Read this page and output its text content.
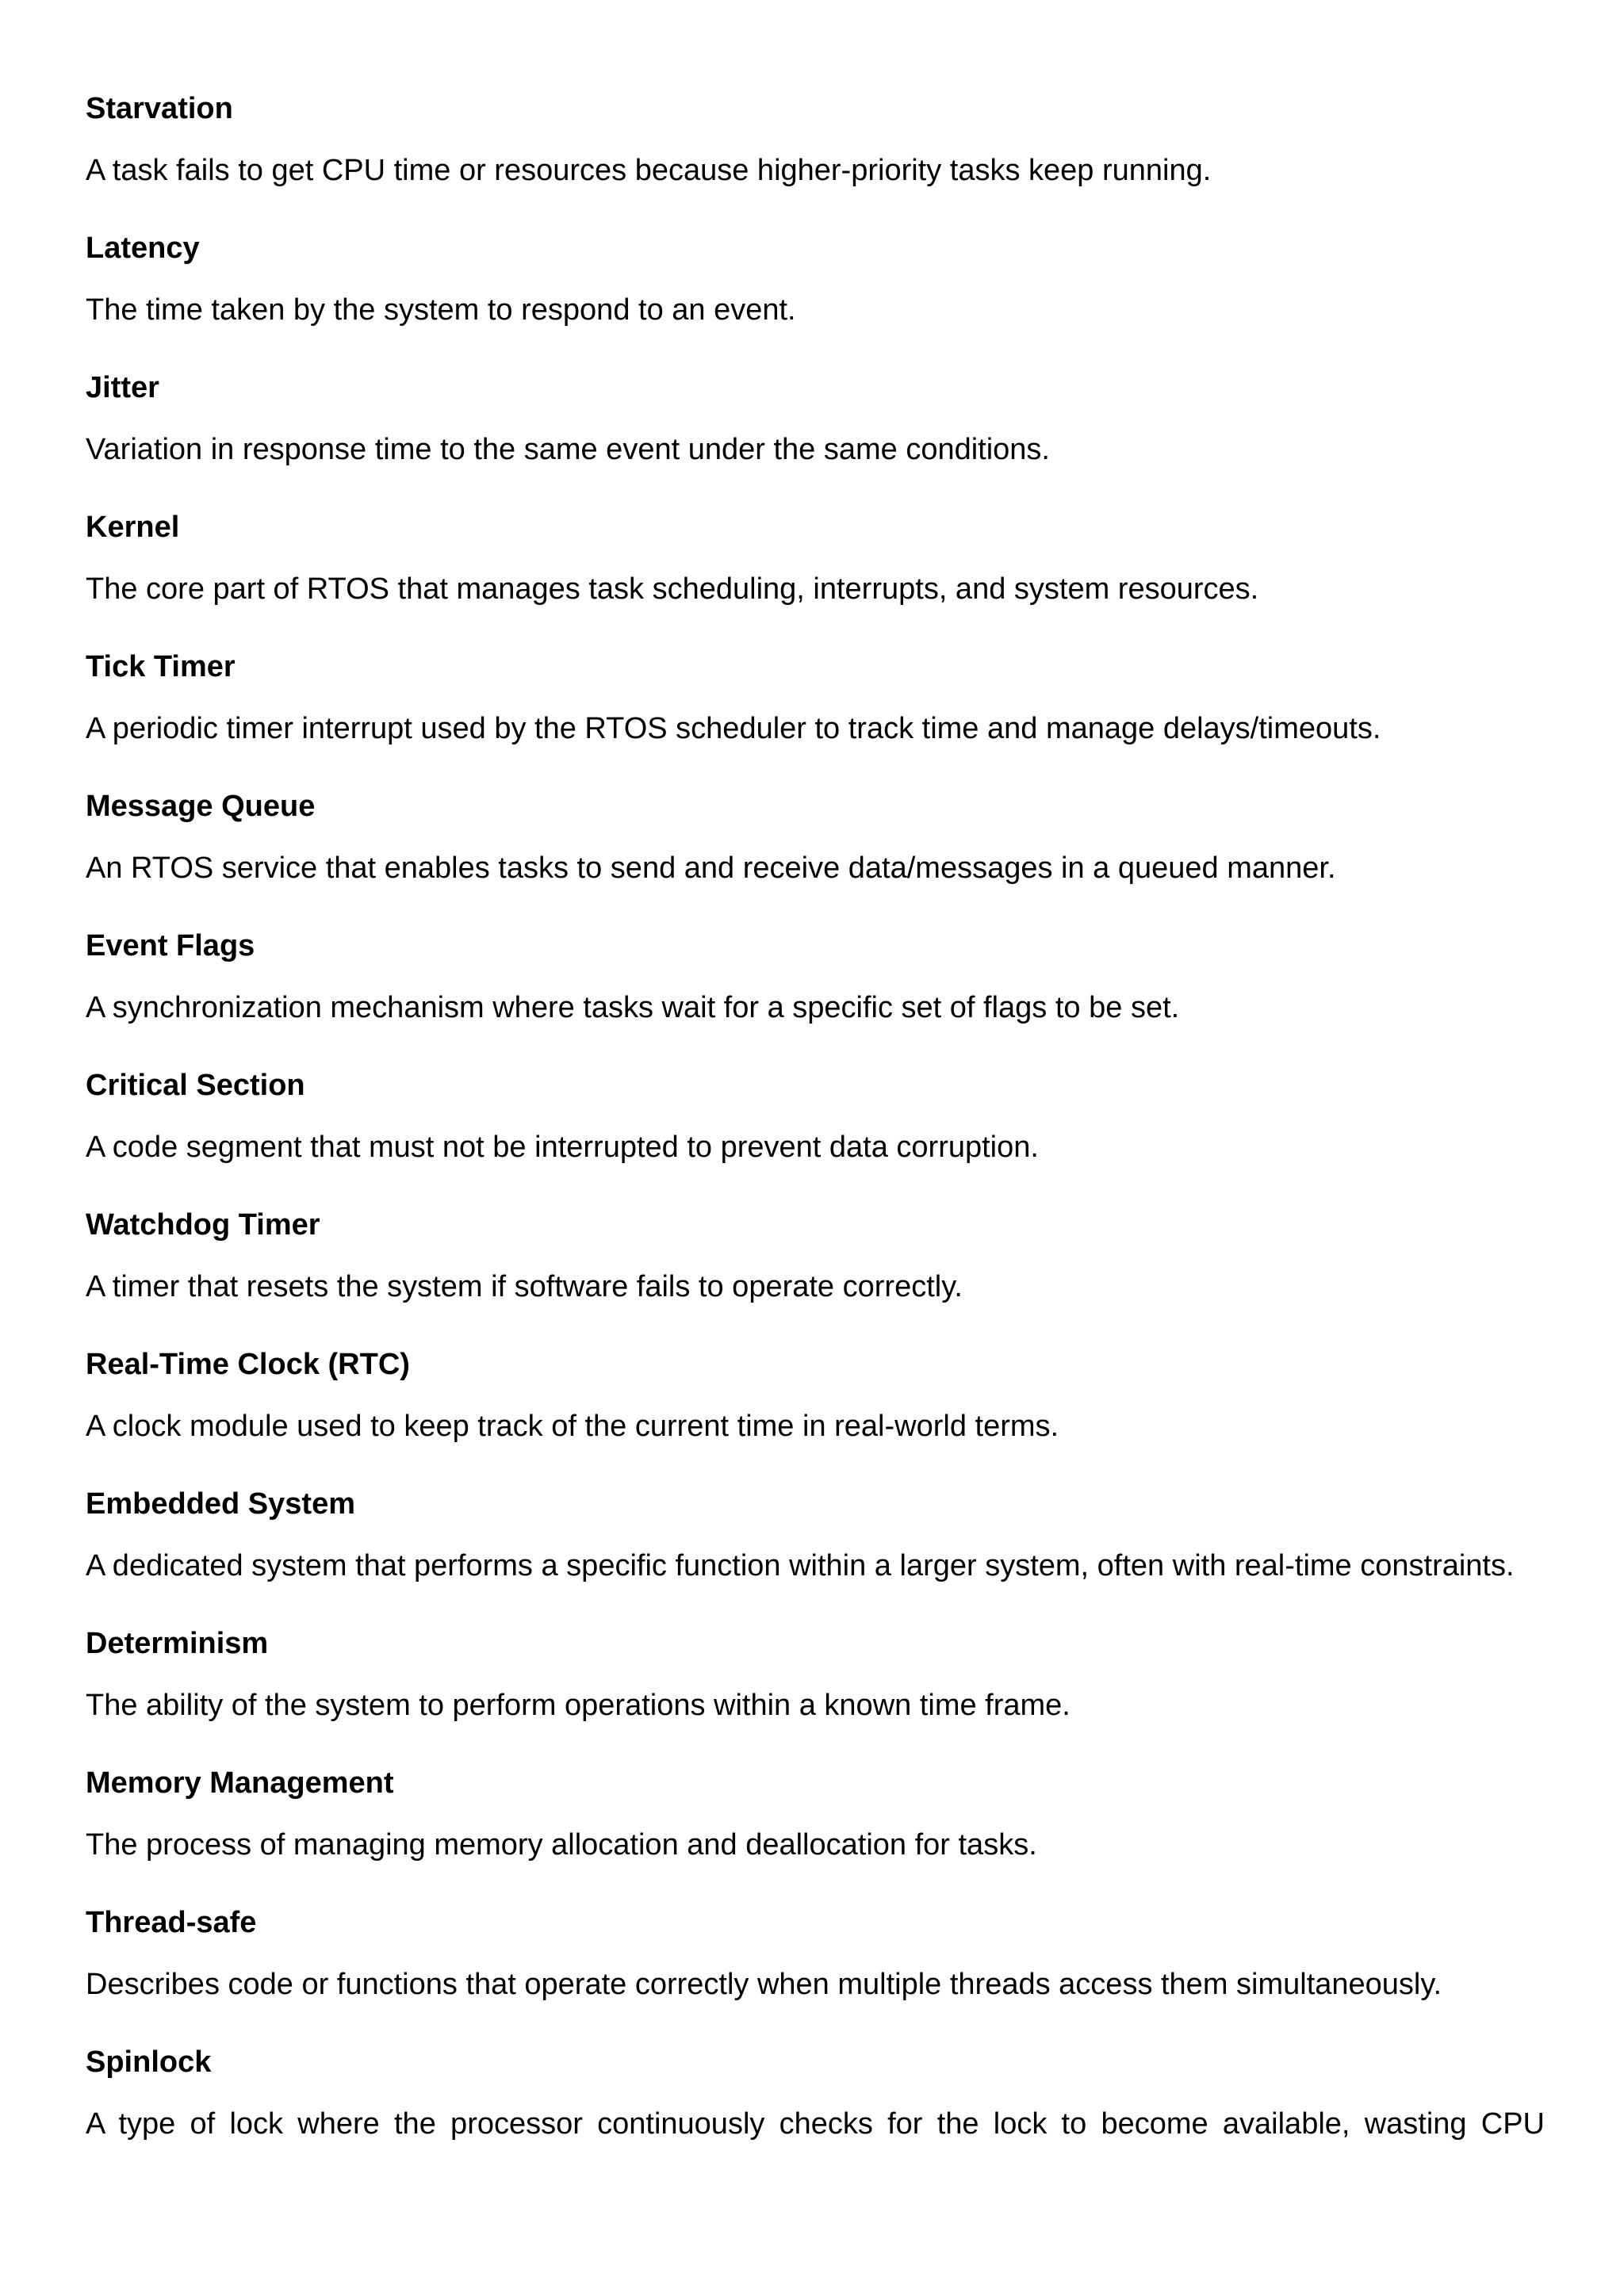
Starvation
A task fails to get CPU time or resources because higher-priority tasks keep running.
Latency
The time taken by the system to respond to an event.
Jitter
Variation in response time to the same event under the same conditions.
Kernel
The core part of RTOS that manages task scheduling, interrupts, and system resources.
Tick Timer
A periodic timer interrupt used by the RTOS scheduler to track time and manage delays/timeouts.
Message Queue
An RTOS service that enables tasks to send and receive data/messages in a queued manner.
Event Flags
A synchronization mechanism where tasks wait for a specific set of flags to be set.
Critical Section
A code segment that must not be interrupted to prevent data corruption.
Watchdog Timer
A timer that resets the system if software fails to operate correctly.
Real-Time Clock (RTC)
A clock module used to keep track of the current time in real-world terms.
Embedded System
A dedicated system that performs a specific function within a larger system, often with real-time constraints.
Determinism
The ability of the system to perform operations within a known time frame.
Memory Management
The process of managing memory allocation and deallocation for tasks.
Thread-safe
Describes code or functions that operate correctly when multiple threads access them simultaneously.
Spinlock
A type of lock where the processor continuously checks for the lock to become available, wasting CPU
